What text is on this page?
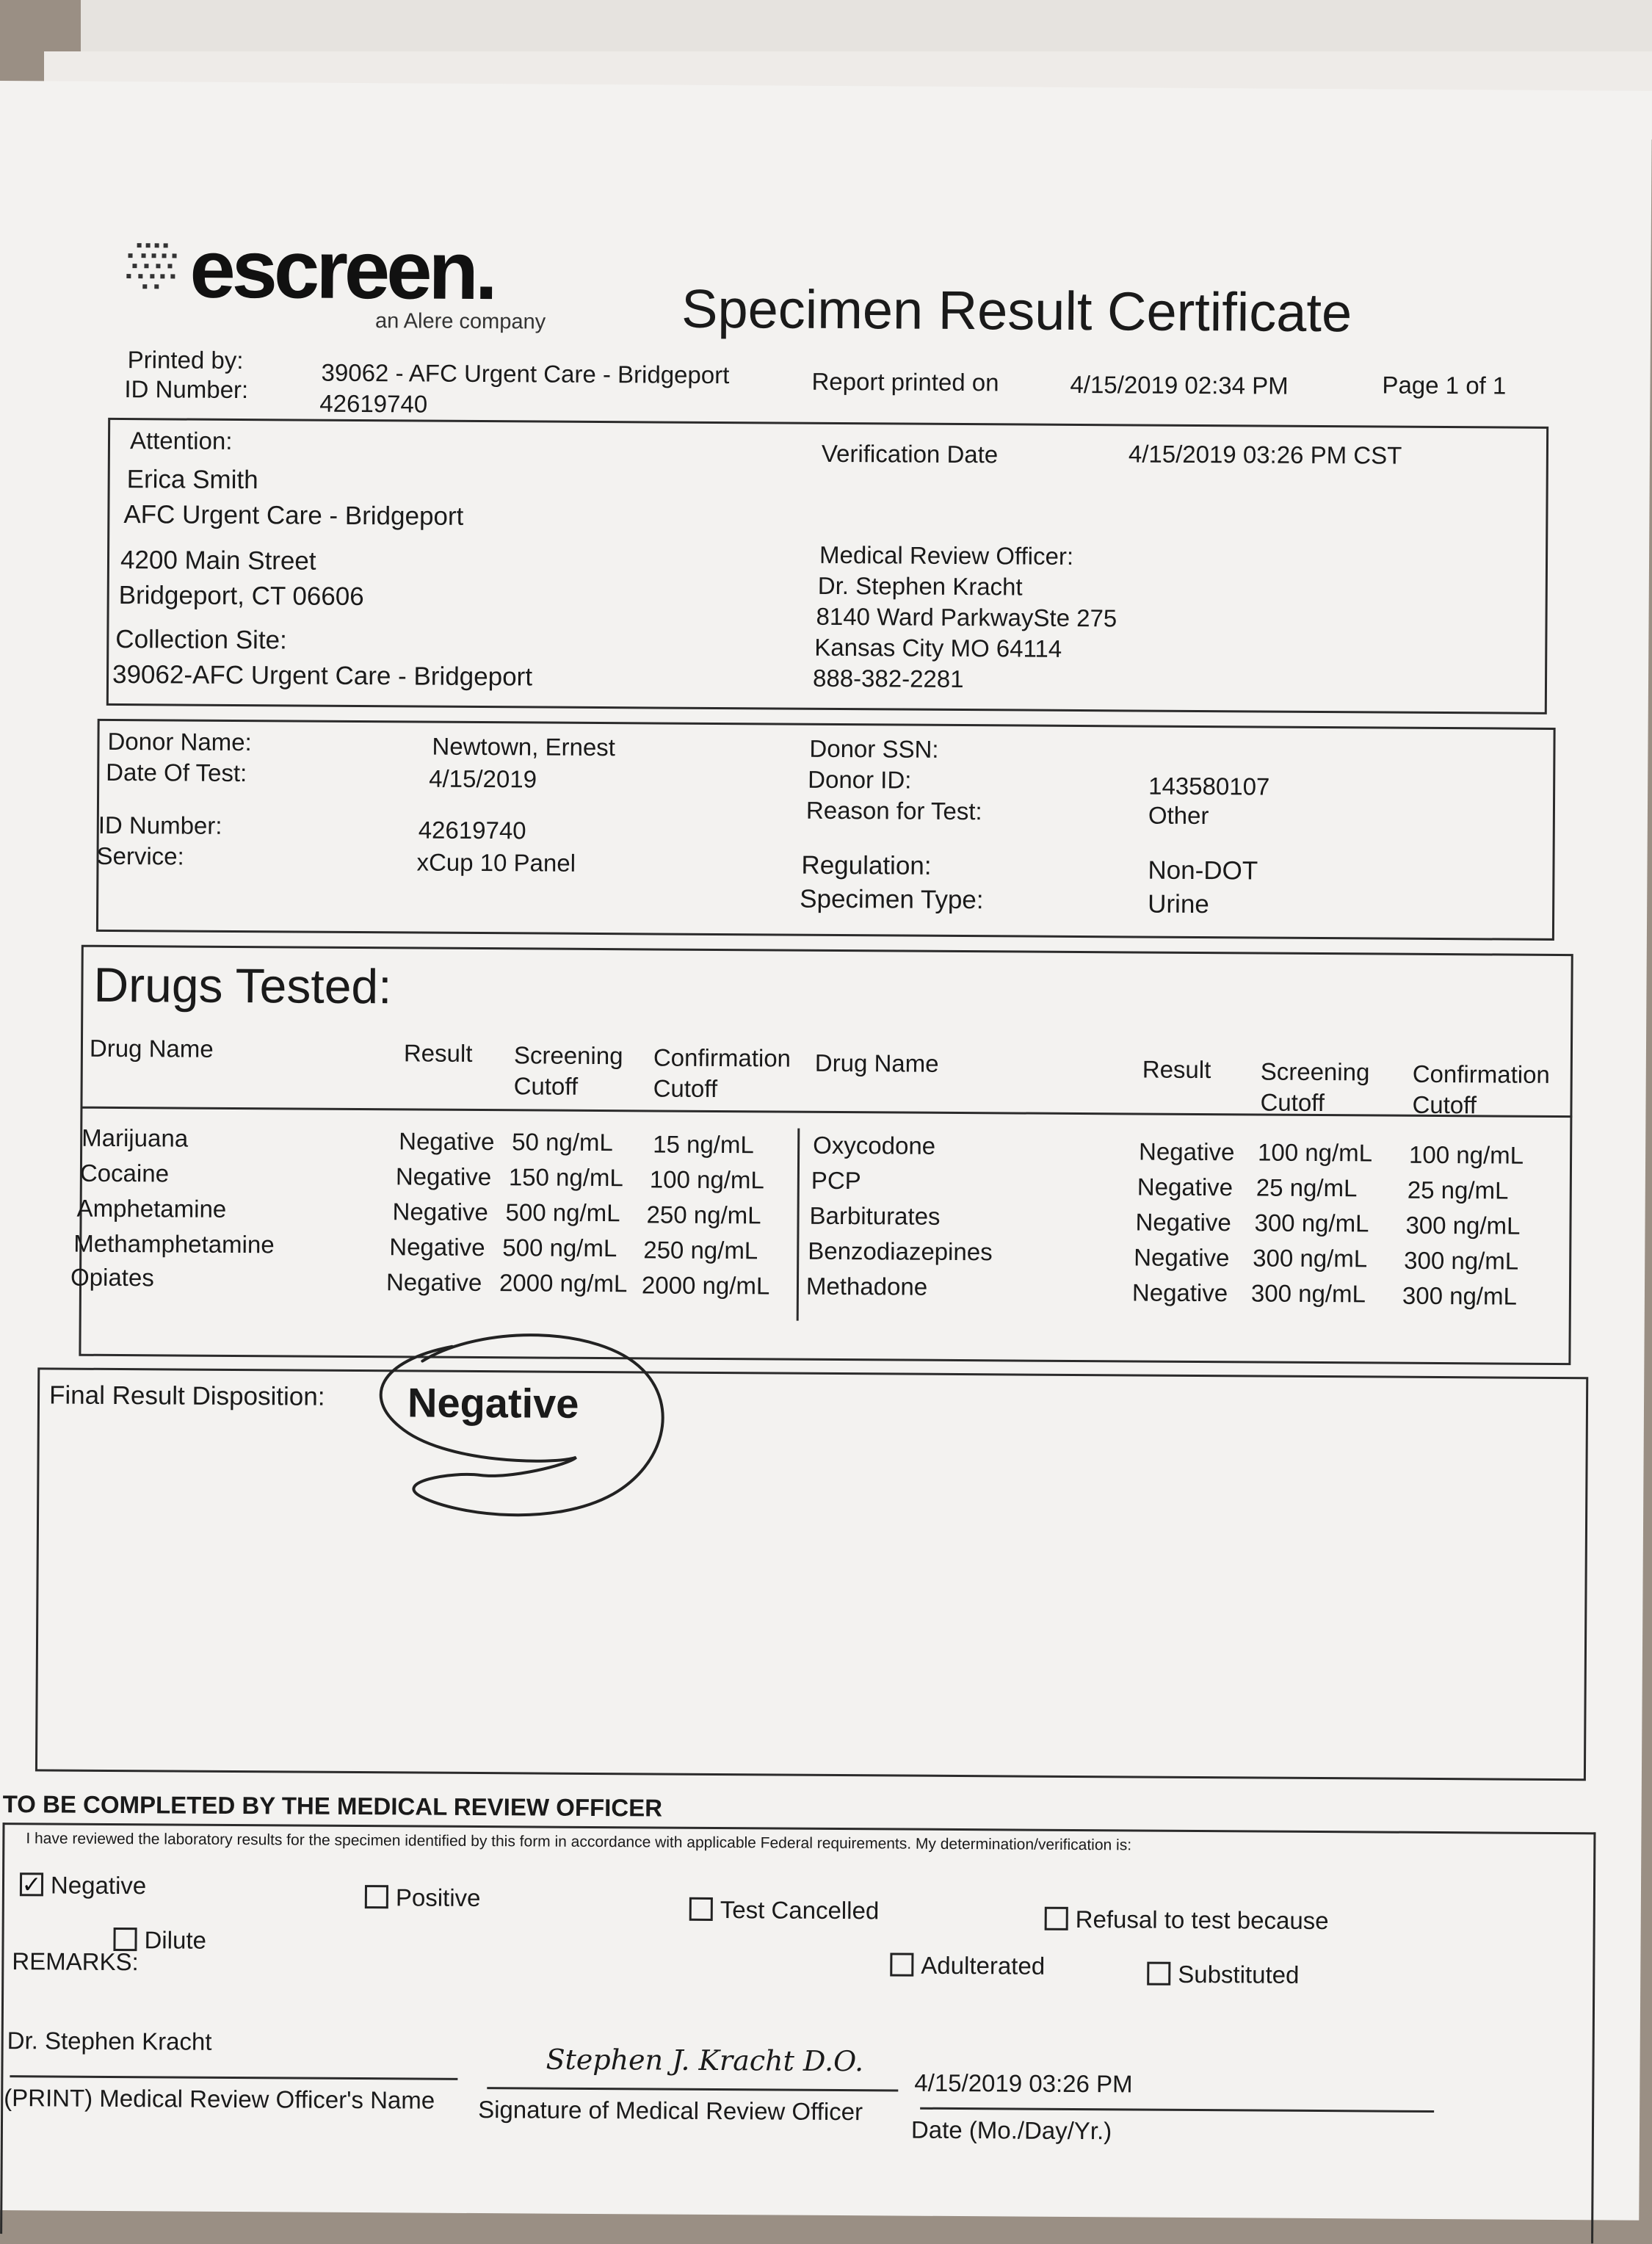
escreen.
an Alere company Specimen Result Certificate
Printed by:	39062 - AFC Urgent Care - Bridgeport
ID Number:
42619740
Report printed on	4/15/2019 02:34 PM	Page 1 of 1
Attention:
Erica Smith
AFC Urgent Care - Bridgeport
4200 Main Street
Bridgeport, CT 06606
Collection Site:
39062-AFC Urgent Care - Bridgeport
Verification Date	4/15/2019 03:26 PM CST
Medical Review Officer:
Dr. Stephen Kracht
8140 Ward ParkwaySte 275
Kansas City MO 64114
888-382-2281
Donor Name:	Newtown, Ernest
Date Of Test:	4/15/2019
Donor SSN:
Donor ID:	143580107
Reason for Test:	Other
ID Number:	42619740
Service:	xCup 10 Panel	Regulation:	Non-DOT
Specimen Type:	Urine
Drugs Tested:
Drug Name	Result Screening
Cutoff
Confirmation
Cutoff
Drug Name	Result Screening
Cutoff
Confirmation
Cutoff
Marijuana	Negative 50 ng/mL 15 ng/mL
Cocaine	Negative 150 ng/mL 100 ng/mL
Amphetamine	Negative 500 ng/mL 250 ng/mL
Methamphetamine	Negative 500 ng/mL 250 ng/mL
Opiates	Negative 2000 ng/mL 2000 ng/mL
Oxycodone	Negative 100 ng/mL 100 ng/mL
PCP	Negative 25 ng/mL 25 ng/mL
Barbiturates	Negative 300 ng/mL 300 ng/mL
Benzodiazepines	Negative 300 ng/mL 300 ng/mL
Methadone	Negative 300 ng/mL 300 ng/mL
Final Result Disposition: Negative
TO BE COMPLETED BY THE MEDICAL REVIEW OFFICER
I have reviewed the laboratory results for the specimen identified by this form in accordance with applicable Federal requirements. My determination/verification is:
✓ Negative
Dilute
Positive	Test Cancelled
Adulterated
Refusal to test because
Substituted
REMARKS:
Dr. Stephen Kracht
(PRINT) Medical Review Officer's Name
Stephen J. Kracht D.O.
Signature of Medical Review Officer
4/15/2019 03:26 PM
Date (Mo./Day/Yr.)
